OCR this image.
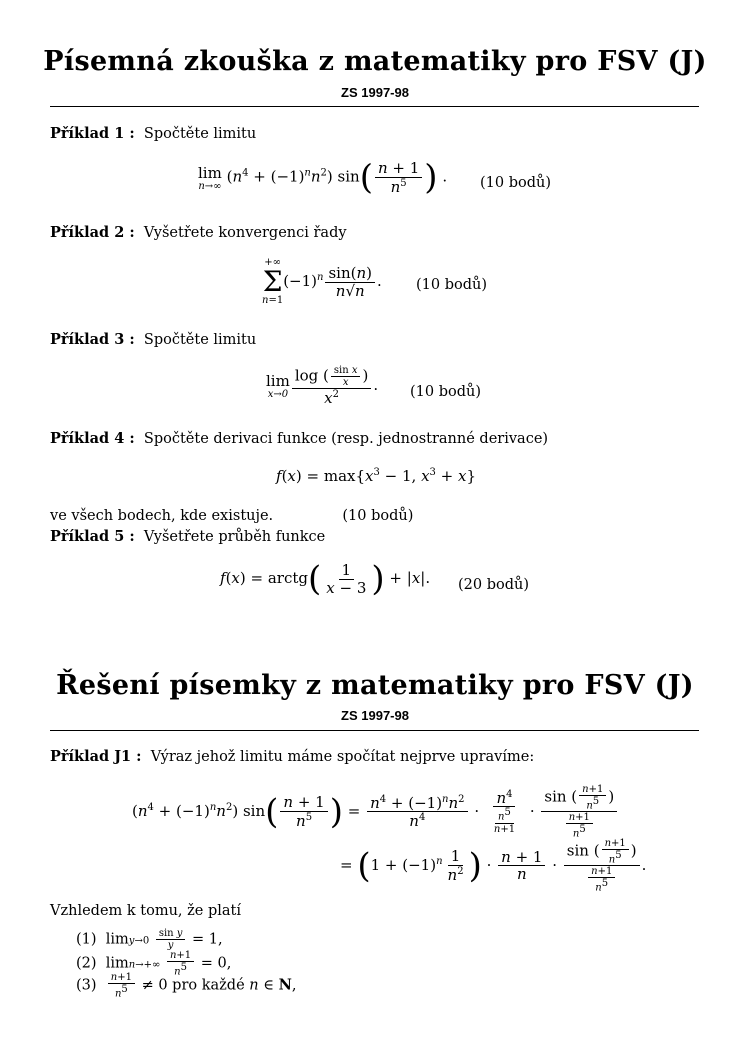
Písemná zkouška z matematiky pro FSV (J)
ZS 1997-98
Příklad 1 : Spočtěte limitu
lim
n→∞
$(n^4 + (-1)^nn^2)$ $\sin( \frac{n + 1}{n^5}$ ) . (10 bodů)
Příklad 2 : Vyšetřete konvergenci řady
+∞
Σ
n=1
$(-1)^n \frac{\sin(n)}{n√n}$ . (10 bodů)
Příklad 3 : Spočtěte limitu
lim
$x\to 0 \frac{\log ( \frac{\text{sin x}}{x} )}{x^2}$ . (10 bodů)
Příklad 4 : Spočtěte derivaci funkce (resp. jednostranné derivace)
$f(x) = \max\{x^3 - 1$, $x^3 + x$}
ve všech bodech, kde existuje.	(10 bodů)
Příklad 5 : Vyšetřete průběh funkce
f(x) = arctg( $\frac{1}{x - 3}$ ) + |x|. (20 bodů)
Řešení písemky z matematiky pro FSV (J)
ZS 1997-98
Příklad J1 : Výraz jehož limitu máme spočítat nejprve upravíme:
$(n^4 + (-1)^nn^2)$ $\sin( \frac{n + 1}{n^5}$ ) = $\frac{n^4 + (-1)^nn^2}{n^4} \cdot \frac{n^4}{\frac{n5}{n+1}} \cdot \frac{\sin ( \frac{n+1}{n5} )}{\frac{n+1}{n5}}$
= ($1 + (-1)^n \frac{1}{n^2}$ ) · $\frac{n + 1}{n} \cdot \frac{\sin ( \frac{n+1}{n5} )}{\frac{n+1}{n5}}$ .
Vzhledem k tomu, že platí
(1)  $\lim y\to 0 \frac{\text{sin y}}{y} = 1$,
(2)  $\lim n\to+\infty \frac{n+1}{n5} = 0$,
$(3) \frac{n+1}{n5} \ne 0$ pro každé n ∈ N,
